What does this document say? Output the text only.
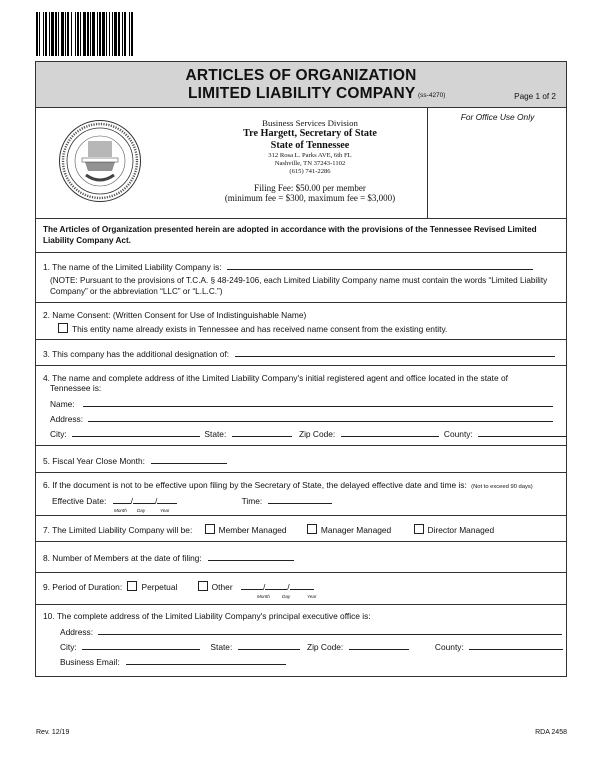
ARTICLES OF ORGANIZATION
LIMITED LIABILITY COMPANY (ss-4270)	Page 1 of 2
Business Services Division
Tre Hargett, Secretary of State
State of Tennessee
312 Rosa L. Parks AVE, 6th FL
Nashville, TN 37243-1102
(615) 741-2286
Filing Fee: $50.00 per member
(minimum fee = $300, maximum fee = $3,000)
For Office Use Only
The Articles of Organization presented herein are adopted in accordance with the provisions of the Tennessee Revised Limited Liability Company Act.
1. The name of the Limited Liability Company is:
(NOTE: Pursuant to the provisions of T.C.A. § 48-249-106, each Limited Liability Company name must contain the words “Limited Liability Company” or the abbreviation “LLC” or “L.L.C.”)
2. Name Consent: (Written Consent for Use of Indistinguishable Name)
This entity name already exists in Tennessee and has received name consent from the existing entity.
3. This company has the additional designation of:
4. The name and complete address of ithe Limited Liability Company's initial registered agent and office located in the state of
Tennessee is:
Name:
Address:
City:	State:	Zip Code:	County:
5. Fiscal Year Close Month:
6. If the document is not to be effective upon filing by the Secretary of State, the delayed effective date and time is: (Not to exceed 90 days)
Effective Date:	/	/	Time:
Month Day	Year
7. The Limited Liability Company will be:	Member Managed	Manager Managed	Director Managed
8. Number of Members at the date of filing:
9. Period of Duration: Perpetual	Other	/	/
Month	Day	Year
10. The complete address of the Limited Liability Company's principal executive office is:
Address:
City:	State:	Zip Code:	County:
Business Email:
Rev. 12/19	RDA 2458
